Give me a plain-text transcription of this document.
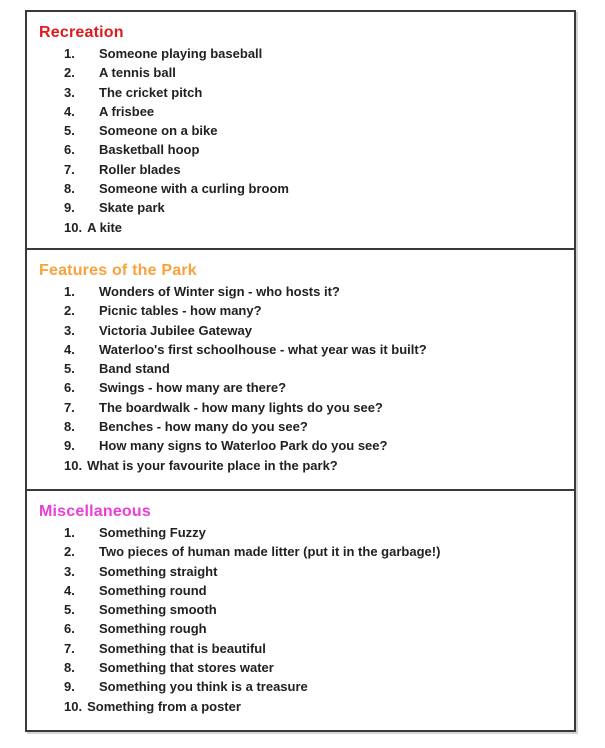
Recreation
1. Someone playing baseball
2. A tennis ball
3. The cricket pitch
4. A frisbee
5. Someone on a bike
6. Basketball hoop
7. Roller blades
8. Someone with a curling broom
9. Skate park
10. A kite
Features of the Park
1. Wonders of Winter sign - who hosts it?
2. Picnic tables - how many?
3. Victoria Jubilee Gateway
4. Waterloo's first schoolhouse - what year was it built?
5. Band stand
6. Swings - how many are there?
7. The boardwalk - how many lights do you see?
8. Benches - how many do you see?
9. How many signs to Waterloo Park do you see?
10. What is your favourite place in the park?
Miscellaneous
1. Something Fuzzy
2. Two pieces of human made litter (put it in the garbage!)
3. Something straight
4. Something round
5. Something smooth
6. Something rough
7. Something that is beautiful
8. Something that stores water
9. Something you think is a treasure
10. Something from a poster
